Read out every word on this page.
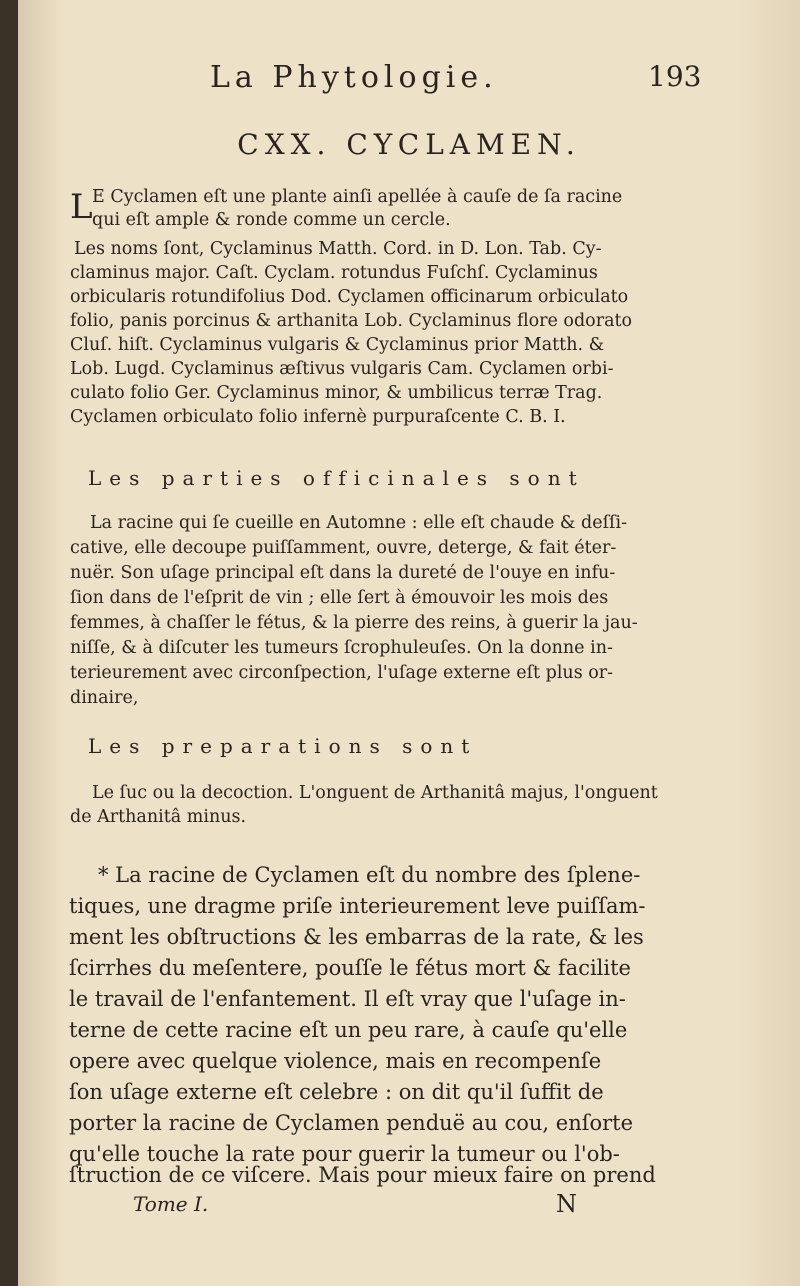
La Phytologie.	193
CXX. CYCLAMEN.
L E Cyclamen eſt une plante ainſi apellée à cauſe de ſa racine
qui eſt ample & ronde comme un cercle.
Les noms ſont, Cyclaminus Matth. Cord. in D. Lon. Tab. Cy-
claminus major. Caſt. Cyclam. rotundus Fuſchſ. Cyclaminus
orbicularis rotundifolius Dod. Cyclamen officinarum orbiculato
folio, panis porcinus & arthanita Lob. Cyclaminus flore odorato
Cluſ. hiſt. Cyclaminus vulgaris & Cyclaminus prior Matth. &
Lob. Lugd. Cyclaminus æſtivus vulgaris Cam. Cyclamen orbi-
culato folio Ger. Cyclaminus minor, & umbilicus terræ Trag.
Cyclamen orbiculato folio infernè purpuraſcente C. B. I.
Les parties officinales sont
La racine qui ſe cueille en Automne : elle eſt chaude & deſſi-
cative, elle decoupe puiſſamment, ouvre, deterge, & fait éter-
nuër. Son uſage principal eſt dans la dureté de l'ouye en infu-
ſion dans de l'eſprit de vin ; elle ſert à émouvoir les mois des
femmes, à chaſſer le fétus, & la pierre des reins, à guerir la jau-
niſſe, & à diſcuter les tumeurs ſcrophuleuſes. On la donne in-
terieurement avec circonſpection, l'uſage externe eſt plus or-
dinaire,
Les preparations sont
Le ſuc ou la decoction. L'onguent de Arthanitâ majus, l'onguent
de Arthanitâ minus.
* La racine de Cyclamen eſt du nombre des ſplene-
tiques, une dragme priſe interieurement leve puiſſam-
ment les obſtructions & les embarras de la rate, & les
ſcirrhes du meſentere, pouſſe le fétus mort & facilite
le travail de l'enfantement. Il eſt vray que l'uſage in-
terne de cette racine eſt un peu rare, à cauſe qu'elle
opere avec quelque violence, mais en recompenſe
ſon uſage externe eſt celebre : on dit qu'il ſuffit de
porter la racine de Cyclamen penduë au cou, enſorte
qu'elle touche la rate pour guerir la tumeur ou l'ob-
ſtruction de ce viſcere. Mais pour mieux faire on prend
Tome I.	N
